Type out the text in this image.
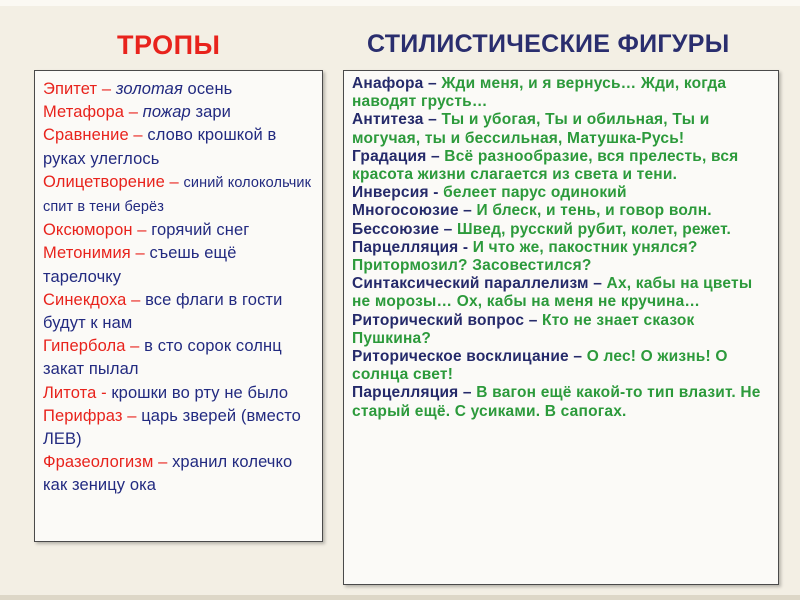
ТРОПЫ	СТИЛИСТИЧЕСКИЕ ФИГУРЫ
Эпитет – золотая осень
Метафора – пожар зари
Сравнение – слово крошкой в руках улеглось
Олицетворение – синий колокольчик спит в тени берёз
Оксюморон – горячий снег
Метонимия – съешь ещё тарелочку
Синекдоха – все флаги в гости будут к нам
Гипербола – в сто сорок солнц закат пылал
Литота - крошки во рту не было
Перифраз – царь зверей (вместо ЛЕВ)
Фразеологизм – хранил колечко как зеницу ока
Анафора – Жди меня, и я вернусь… Жди, когда наводят грусть…
Антитеза – Ты и убогая, Ты и обильная, Ты и могучая, ты и бессильная, Матушка-Русь!
Градация – Всё разнообразие, вся прелесть, вся красота жизни слагается из света и тени.
Инверсия - белеет парус одинокий
Многосоюзие – И блеск, и тень, и говор волн.
Бессоюзие – Швед, русский рубит, колет, режет.
Парцелляция - И что же, пакостник унялся? Притормозил? Засовестился?
Синтаксический параллелизм – Ах, кабы на цветы не морозы… Ох, кабы на меня не кручина…
Риторический вопрос – Кто не знает сказок Пушкина?
Риторическое восклицание – О лес! О жизнь! О солнца свет!
Парцелляция – В вагон ещё какой-то тип влазит. Не старый ещё. С усиками. В сапогах.
